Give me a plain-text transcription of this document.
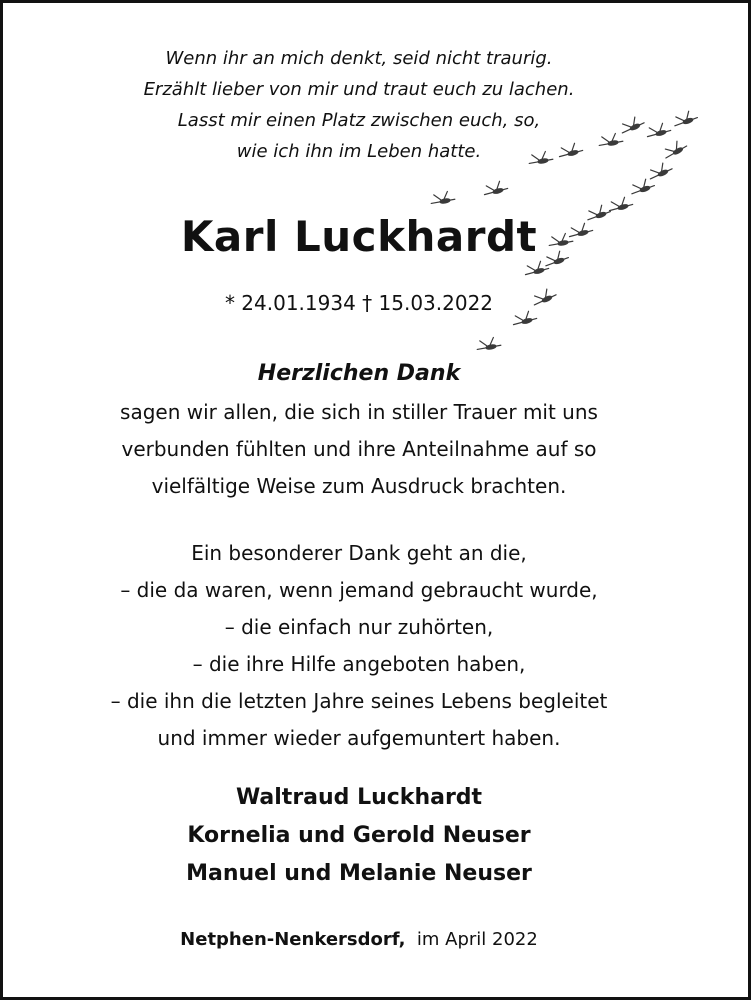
Wenn ihr an mich denkt, seid nicht traurig.
Erzählt lieber von mir und traut euch zu lachen.
Lasst mir einen Platz zwischen euch, so,
wie ich ihn im Leben hatte.
Karl Luckhardt
* 24.01.1934 † 15.03.2022
Herzlichen Dank
sagen wir allen, die sich in stiller Trauer mit uns
verbunden fühlten und ihre Anteilnahme auf so
vielfältige Weise zum Ausdruck brachten.
Ein besonderer Dank geht an die,
– die da waren, wenn jemand gebraucht wurde,
– die einfach nur zuhörten,
– die ihre Hilfe angeboten haben,
– die ihn die letzten Jahre seines Lebens begleitet
und immer wieder aufgemuntert haben.
Waltraud Luckhardt
Kornelia und Gerold Neuser
Manuel und Melanie Neuser
Netphen-Nenkersdorf, im April 2022
